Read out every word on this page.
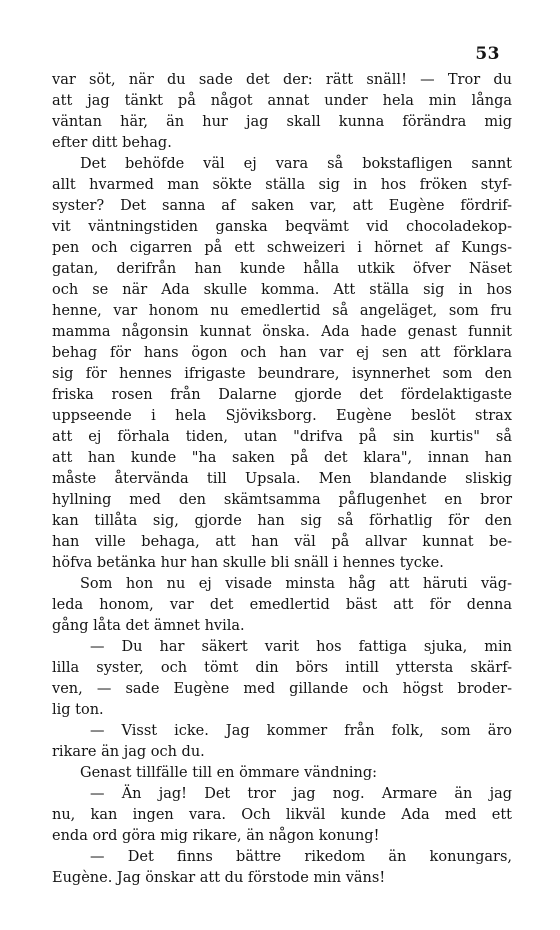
53
var söt, när du sade det der: rätt snäll! — Tror du
att jag tänkt på något annat under hela min långa
väntan här, än hur jag skall kunna förändra mig
efter ditt behag.
Det behöfde väl ej vara så bokstafligen sannt
allt hvarmed man sökte ställa sig in hos fröken styf-
syster? Det sanna af saken var, att Eugène fördrif-
vit väntningstiden ganska beqvämt vid chocoladekop-
pen och cigarren på ett schweizeri i hörnet af Kungs-
gatan, derifrån han kunde hålla utkik öfver Näset
och se när Ada skulle komma. Att ställa sig in hos
henne, var honom nu emedlertid så angeläget, som fru
mamma någonsin kunnat önska. Ada hade genast funnit
behag för hans ögon och han var ej sen att förklara
sig för hennes ifrigaste beundrare, isynnerhet som den
friska rosen från Dalarne gjorde det fördelaktigaste
uppseende i hela Sjöviksborg. Eugène beslöt strax
att ej förhala tiden, utan "drifva på sin kurtis" så
att han kunde "ha saken på det klara", innan han
måste återvända till Upsala. Men blandande sliskig
hyllning med den skämtsamma påflugenhet en bror
kan tillåta sig, gjorde han sig så förhatlig för den
han ville behaga, att han väl på allvar kunnat be-
höfva betänka hur han skulle bli snäll i hennes tycke.
Som hon nu ej visade minsta håg att häruti väg-
leda honom, var det emedlertid bäst att för denna
gång låta det ämnet hvila.
— Du har säkert varit hos fattiga sjuka, min
lilla syster, och tömt din börs intill yttersta skärf-
ven, — sade Eugène med gillande och högst broder-
lig ton.
— Visst icke. Jag kommer från folk, som äro
rikare än jag och du.
Genast tillfälle till en ömmare vändning:
— Än jag! Det tror jag nog. Armare än jag
nu, kan ingen vara. Och likväl kunde Ada med ett
enda ord göra mig rikare, än någon konung!
— Det finns bättre rikedom än konungars,
Eugène. Jag önskar att du förstode min väns!
